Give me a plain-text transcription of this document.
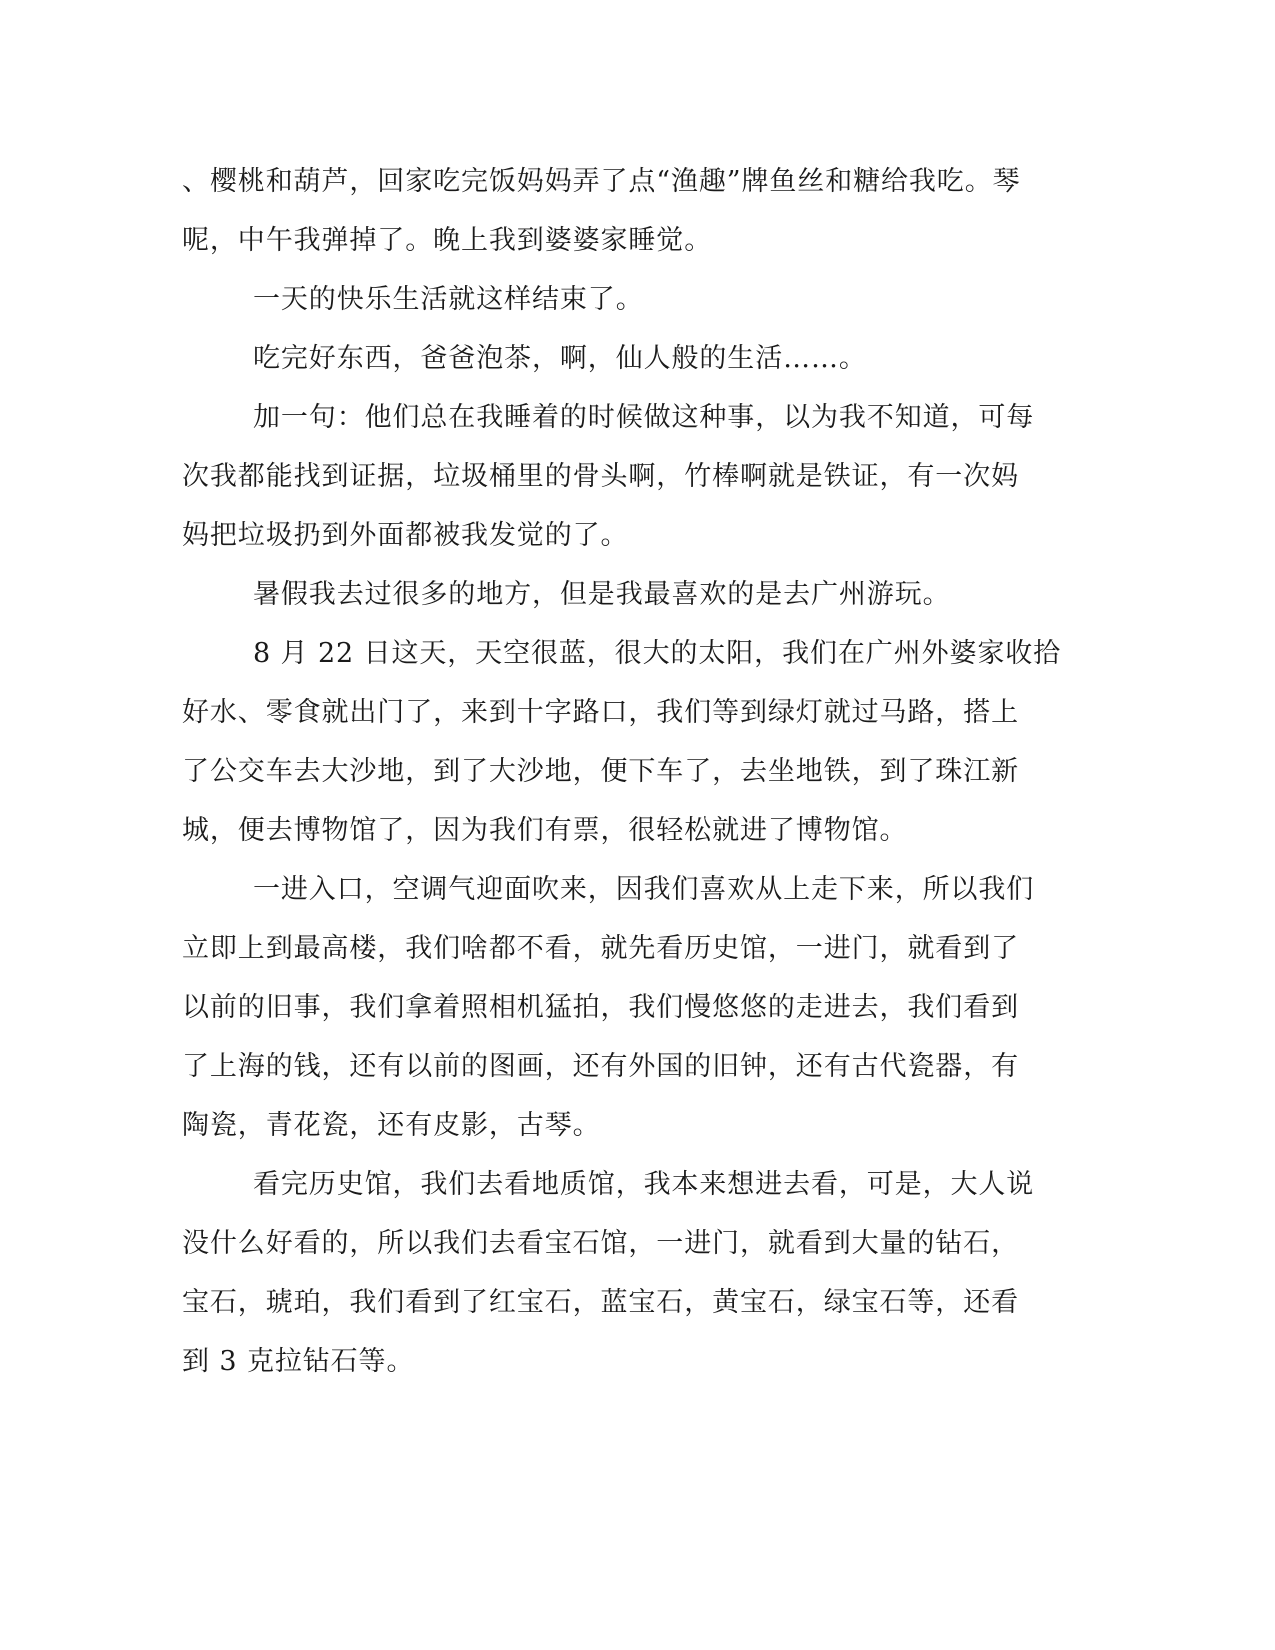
、樱桃和葫芦，回家吃完饭妈妈弄了点“渔趣”牌鱼丝和糖给我吃。琴
呢，中午我弹掉了。晚上我到婆婆家睡觉。
一天的快乐生活就这样结束了。
吃完好东西，爸爸泡茶，啊，仙人般的生活……。
加一句：他们总在我睡着的时候做这种事，以为我不知道，可每
次我都能找到证据，垃圾桶里的骨头啊，竹棒啊就是铁证，有一次妈
妈把垃圾扔到外面都被我发觉的了。
暑假我去过很多的地方，但是我最喜欢的是去广州游玩。
8 月 22 日这天，天空很蓝，很大的太阳，我们在广州外婆家收拾
好水、零食就出门了，来到十字路口，我们等到绿灯就过马路，搭上
了公交车去大沙地，到了大沙地，便下车了，去坐地铁，到了珠江新
城，便去博物馆了，因为我们有票，很轻松就进了博物馆。
一进入口，空调气迎面吹来，因我们喜欢从上走下来，所以我们
立即上到最高楼，我们啥都不看，就先看历史馆，一进门，就看到了
以前的旧事，我们拿着照相机猛拍，我们慢悠悠的走进去，我们看到
了上海的钱，还有以前的图画，还有外国的旧钟，还有古代瓷器，有
陶瓷，青花瓷，还有皮影，古琴。
看完历史馆，我们去看地质馆，我本来想进去看，可是，大人说
没什么好看的，所以我们去看宝石馆，一进门，就看到大量的钻石，
宝石，琥珀，我们看到了红宝石，蓝宝石，黄宝石，绿宝石等，还看
到 3 克拉钻石等。
